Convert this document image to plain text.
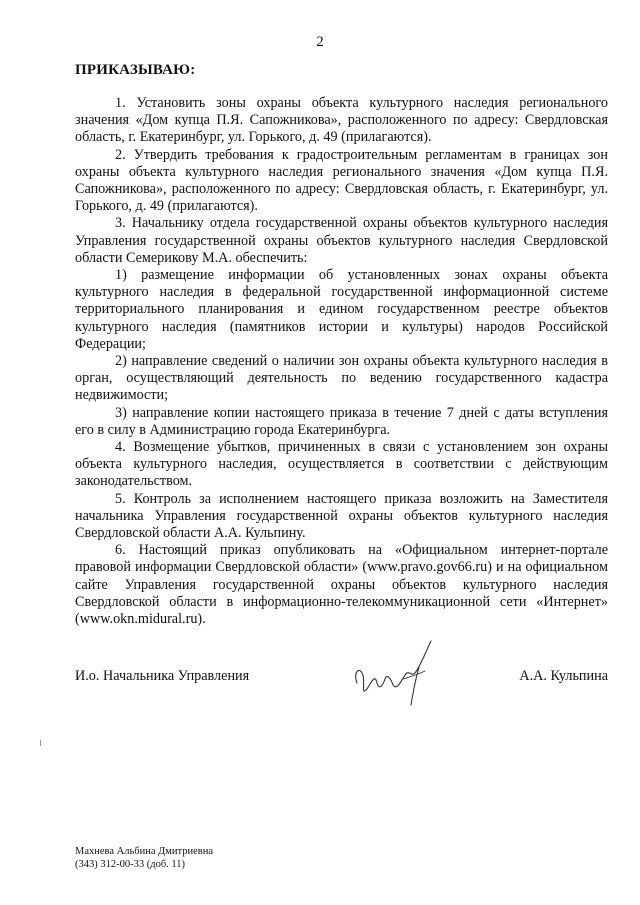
2
ПРИКАЗЫВАЮ:

1. Установить зоны охраны объекта культурного наследия регионального значения «Дом купца П.Я. Сапожникова», расположенного по адресу: Свердловская область, г. Екатеринбург, ул. Горького, д. 49 (прилагаются).

2. Утвердить требования к градостроительным регламентам в границах зон охраны объекта культурного наследия регионального значения «Дом купца П.Я. Сапожникова», расположенного по адресу: Свердловская область, г. Екатеринбург, ул. Горького, д. 49 (прилагаются).

3. Начальнику отдела государственной охраны объектов культурного наследия Управления государственной охраны объектов культурного наследия Свердловской области Семерикову М.А. обеспечить:

1) размещение информации об установленных зонах охраны объекта культурного наследия в федеральной государственной информационной системе территориального планирования и едином государственном реестре объектов культурного наследия (памятников истории и культуры) народов Российской Федерации;

2) направление сведений о наличии зон охраны объекта культурного наследия в орган, осуществляющий деятельность по ведению государственного кадастра недвижимости;

3) направление копии настоящего приказа в течение 7 дней с даты вступления его в силу в Администрацию города Екатеринбурга.

4. Возмещение убытков, причиненных в связи с установлением зон охраны объекта культурного наследия, осуществляется в соответствии с действующим законодательством.

5. Контроль за исполнением настоящего приказа возложить на Заместителя начальника Управления государственной охраны объектов культурного наследия Свердловской области А.А. Кульпину.

6. Настоящий приказ опубликовать на «Официальном интернет-портале правовой информации Свердловской области» (www.pravo.gov66.ru) и на официальном сайте Управления государственной охраны объектов культурного наследия Свердловской области в информационно-телекоммуникационной сети «Интернет» (www.okn.midural.ru).

И.о. Начальника Управления	А.А. Кульпина
Махнева Альбина Дмитриевна
(343) 312-00-33 (доб. 11)
